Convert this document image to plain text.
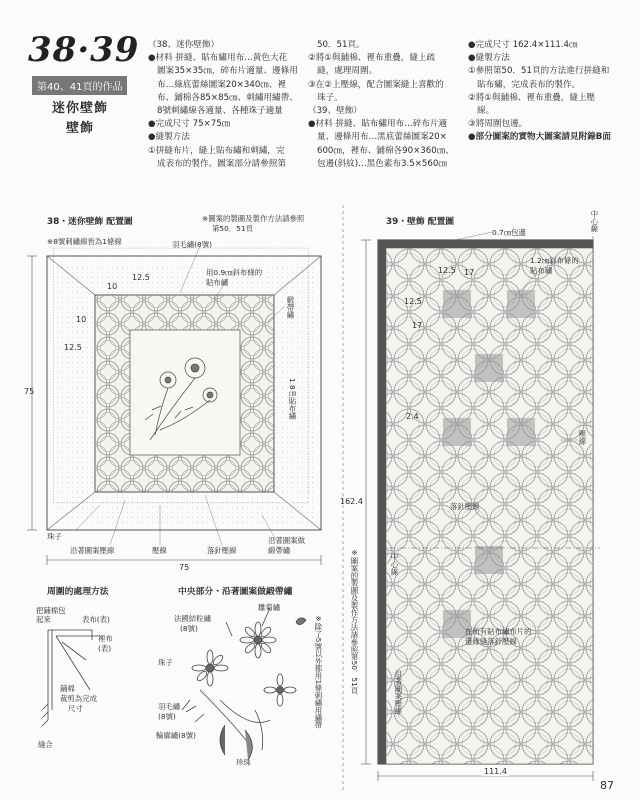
38·39
第40、41頁的作品
迷你壁飾
壁飾
（38、迷你壁飾）
●材料 拼縫、貼布繡用布…黃色大花
圖案35×35㎝，碎布片適量、邊條用
布…綠底蕾絲圖案20×340㎝、裡
布、鋪棉各85×85㎝、刺繡用繡帶、
8號刺繡線各適量、各種珠子適量
●完成尺寸 75×75㎝
●縫製方法
①拼縫布片，縫上貼布繡和刺繡，完
成表布的製作。圖案部分請參照第
50．51頁。
②將①與鋪棉、裡布重疊，縫上疏
縫，處理周圍。
③在②上壓線，配合圖案縫上喜歡的
珠子。
（39、壁飾）
●材料 拼縫、貼布繡用布…碎布片適
量、邊條用布…黑底蕾絲圖案20×
600㎝，裡布、鋪棉各90×360㎝、
包邊(斜紋)…黑色素布3.5×560㎝
●完成尺寸 162.4×111.4㎝
●縫製方法
①參照第50．51頁的方法進行拼縫和
貼布繡，完成表布的製作。
②將①與鋪棉、裡布重疊，縫上壓
線。
③將周圍包邊。
●部分圖案的實物大圖案請見附錄B面
38・迷你壁飾 配置圖	※圖案的製圖及製作方法請參照
第50．51頁
※8號刺繡線皆為1條線	羽毛繡(8號)
用0.9㎝斜布條的
貼布繡
緞帶繡
1.8㎝貼布繡
珠子
沿著圖案壓線	壓線	落針壓線
沿著圖案做
緞帶繡
75
75
12.5
12.5
10
10
39・壁飾 配置圖
0.7㎝包邊
中心線
1.2㎝斜布條的
貼布繡
12.5 17
12.5
17
2.4
壓線
落針壓線
162.4
111.4
中心線
在所有貼布繡布片的
邊緣縫落針壓線
沿著圖案壓線
※圖案的製圖及製作方法請參照第50．51頁
周圍的處理方法
把鋪棉包
起來	表布(表)
裡布
(表)
鋪棉
裁剪為完成
尺寸
縫合
中央部分・沿著圖案做緞帶繡
雛菊繡
法國結粒繡
(8號)
珠子
羽毛繡
(8號)
輪廓繡(8號)
珍珠
※除了5號以外都用1條刺繡用繡帶
87
